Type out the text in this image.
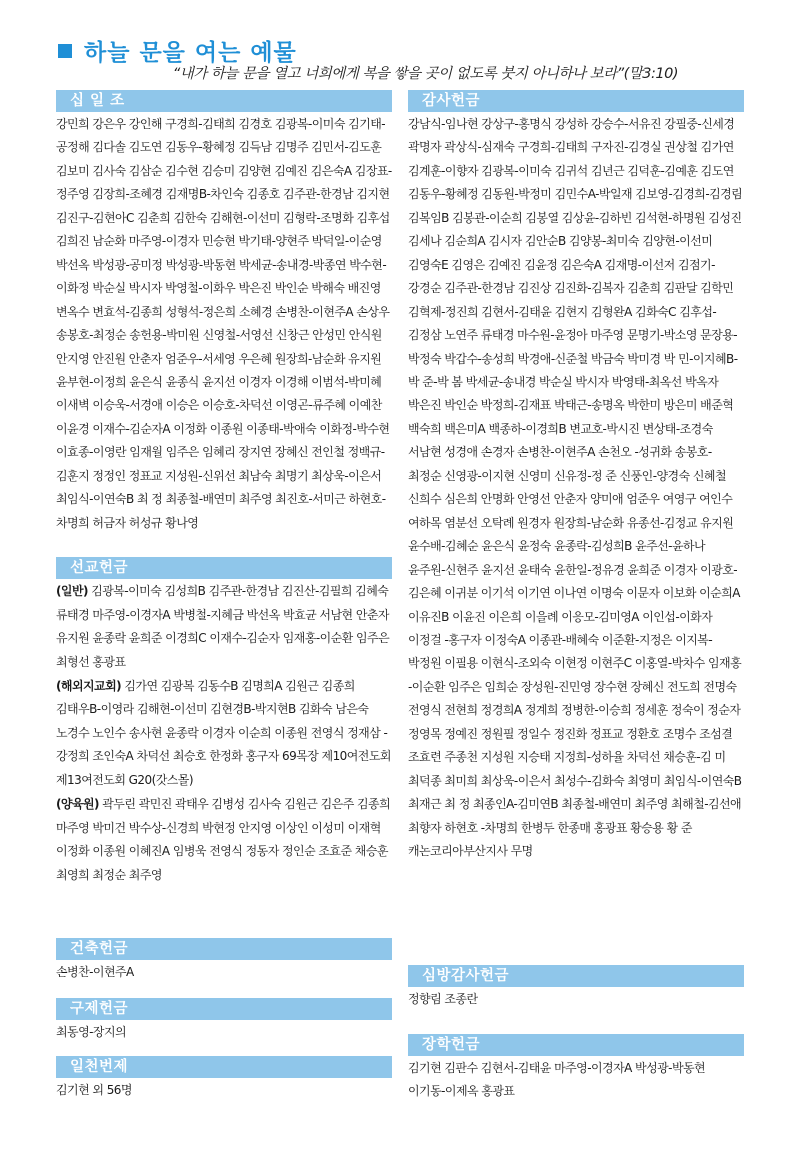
하늘 문을 여는 예물
“내가 하늘 문을 열고 너희에게 복을 쌓을 곳이 없도록 붓지 아니하나 보라”(말3:10)
십 일 조
강민희 강은우 강인해 구경희-김태희 김경호 김광복-이미숙 김기태-공정해 김다솔 김도연 김동우-황혜정 김득남 김명주 김민서-김도훈 김보미 김사숙 김삼순 김수현 김승미 김양현 김예진 김은숙A 김장표-정주영 김장희-조혜경 김재명B-차인숙 김종호 김주관-한경남 김지현 김진구-김현아C 김춘희 김한숙 김해현-이선미 김형락-조명화 김후섭 김희진 남순화 마주영-이경자 민승현 박기태-양현주 박덕일-이순영 박선옥 박성광-공미정 박성광-박동현 박세균-송내경-박종연 박수현-이화정 박순실 박시자 박영철-이화우 박은진 박인순 박해숙 배진영 변옥수 변효석-김종희 성형석-정은희 소혜경 손병찬-이현주A 손상우 송봉호-최정순 송헌용-박미원 신영철-서영선 신창근 안성민 안식원 안지영 안진원 안춘자 엄준우-서세영 우은혜 원장희-남순화 유지원 윤부현-이정희 윤은식 윤종식 윤지선 이경자 이경해 이범석-박미혜 이새벽 이승욱-서경애 이승은 이승호-차덕선 이영곤-류주혜 이예찬 이윤경 이재수-김순자A 이정화 이종원 이종태-박애숙 이화정-박수현 이효종-이영란 임재월 임주은 임혜리 장지연 장혜신 전인철 정백규-김훈지 정정인 정표교 지성원-신위선 최남숙 최명기 최상욱-이은서 최임식-이연숙B 최 정 최종철-배연미 최주영 최진호-서미근 하현호-차명희 허금자 허성규 황나영
선교헌금
(일반) 김광복-이미숙 김성희B 김주관-한경남 김진산-김필희 김혜숙 류태경 마주영-이경자A 박병철-지혜금 박선옥 박효균 서남현 안춘자 유지원 윤종락 윤희준 이경희C 이재수-김순자 임재홍-이순환 임주은 최형선 홍광표
(해외지교회) 김가연 김광복 김동수B 김명희A 김원근 김종희 김태우B-이영라 김해현-이선미 김현경B-박지현B 김화숙 남은숙 노경수 노인수 송사현 윤종락 이경자 이순희 이종원 전영식 정재삼 -강정희 조인숙A 차덕선 최승호 한정화 홍구자 69목장 제10여전도회 제13여전도회 G20(갓스몰)
(양육원) 곽두린 곽민진 곽태우 김병성 김사숙 김원근 김은주 김종희 마주영 박미건 박수상-신경희 박현정 안지영 이상인 이성미 이재혁 이정화 이종원 이혜진A 임병욱 전영식 정동자 정인순 조효준 채승훈 최영희 최정순 최주영
건축헌금
손병찬-이현주A
구제헌금
최동영-장지의
일천번제
김기현 외 56명
감사헌금
강남식-임나현 강상구-홍명식 강성하 강승수-서유진 강필중-신세경 곽명자 곽상식-심재숙 구경희-김태희 구자진-김경실 권상철 김가연 김계훈-이향자 김광복-이미숙 김귀석 김년근 김덕훈-김예훈 김도연 김동우-황혜정 김동원-박정미 김민수A-박일재 김보영-김경희-김경림 김복임B 김봉관-이순희 김봉열 김상윤-김하빈 김석현-하명원 김성진 김세나 김순희A 김시자 김안순B 김양봉-최미숙 김양현-이선미 김영숙E 김영은 김예진 김윤정 김은숙A 김재명-이선저 김점기-강경순 김주관-한경남 김진상 김진화-김복자 김춘희 김판달 김학민 김혁제-정진희 김현서-김태윤 김현지 김형완A 김화숙C 김후섭-김정삼 노연주 류태경 마수원-윤정아 마주영 문명기-박소영 문장용-박정숙 박갑수-송성희 박경애-신준철 박금숙 박미경 박 민-이지혜B-박 준-박 봄 박세균-송내경 박순실 박시자 박영태-최옥선 박옥자 박은진 박인순 박정희-김재표 박태근-송명옥 박한미 방은미 배준혁 백숙희 백은미A 백종하-이경희B 변교호-박시진 변상태-조경숙 서남현 성경애 손경자 손병찬-이현주A 손천오 -성귀화 송봉호-최정순 신영광-이지현 신영미 신유정-정 준 신풍인-양경숙 신혜철 신희수 심은희 안명화 안영선 안춘자 양미애 엄준우 여영구 여인수 여하목 염분선 오탁례 원경자 원장희-남순화 유종선-김정교 유지원 윤수배-김혜순 윤은식 윤정숙 윤종락-김성희B 윤주선-윤하나 윤주원-신현주 윤지선 윤태숙 윤한일-정유경 윤희준 이경자 이광호-김은혜 이귀분 이기석 이기연 이나연 이명숙 이문자 이보화 이순희A 이유진B 이윤진 이은희 이을례 이응모-김미영A 이인섭-이화자 이정걸 -홍구자 이정숙A 이종관-배혜숙 이준환-지정은 이지복-박정원 이필용 이현식-조외숙 이현정 이현주C 이홍열-박차수 임재홍 -이순환 임주은 임희순 장성원-진민영 장수현 장혜신 전도희 전명숙 전영식 전현희 정경희A 정계희 정병한-이승희 정세훈 정숙이 정순자 정영목 정예진 정원필 정일수 정진화 정표교 정환호 조명수 조섬결 조효련 주종천 지성원 지승태 지정희-성하율 차덕선 채승훈-김 미 최덕종 최미희 최상욱-이은서 최성수-김화숙 최영미 최임식-이연숙B 최재근 최 정 최종인A-김미연B 최종철-배연미 최주영 최해철-김선애 최향자 하현호 -차명희 한병두 한종매 홍광표 황승용 황 준 캐논코리아부산지사 무명
심방감사헌금
정향림 조종란
장학헌금
김기현 김판수 김현서-김태윤 마주영-이경자A 박성광-박동현 이기동-이제옥 홍광표
